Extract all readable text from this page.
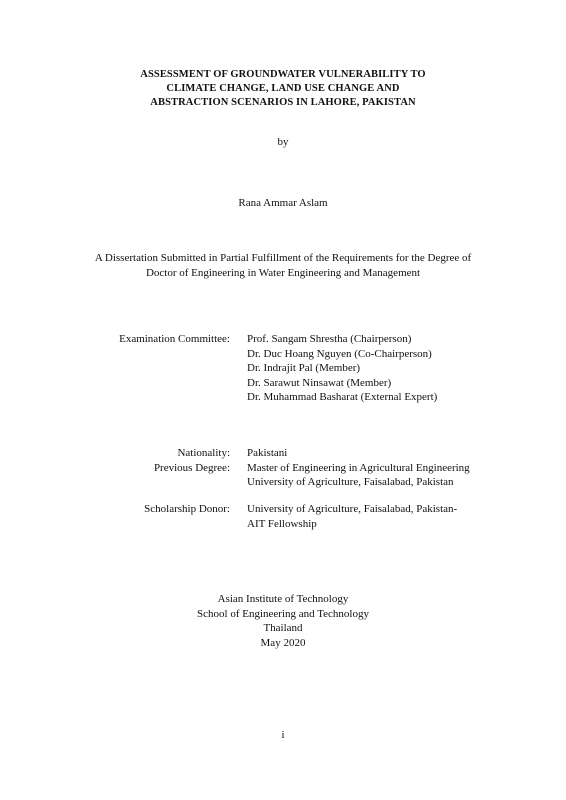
ASSESSMENT OF GROUNDWATER VULNERABILITY TO
CLIMATE CHANGE, LAND USE CHANGE AND
ABSTRACTION SCENARIOS IN LAHORE, PAKISTAN
by
Rana Ammar Aslam
A Dissertation Submitted in Partial Fulfillment of the Requirements for the Degree of
Doctor of Engineering in Water Engineering and Management
Examination Committee: Prof. Sangam Shrestha (Chairperson)
Dr. Duc Hoang Nguyen (Co-Chairperson)
Dr. Indrajit Pal (Member)
Dr. Sarawut Ninsawat (Member)
Dr. Muhammad Basharat (External Expert)
Nationality: Pakistani
Previous Degree: Master of Engineering in Agricultural Engineering
University of Agriculture, Faisalabad, Pakistan
Scholarship Donor: University of Agriculture, Faisalabad, Pakistan-
AIT Fellowship
Asian Institute of Technology
School of Engineering and Technology
Thailand
May 2020
i
